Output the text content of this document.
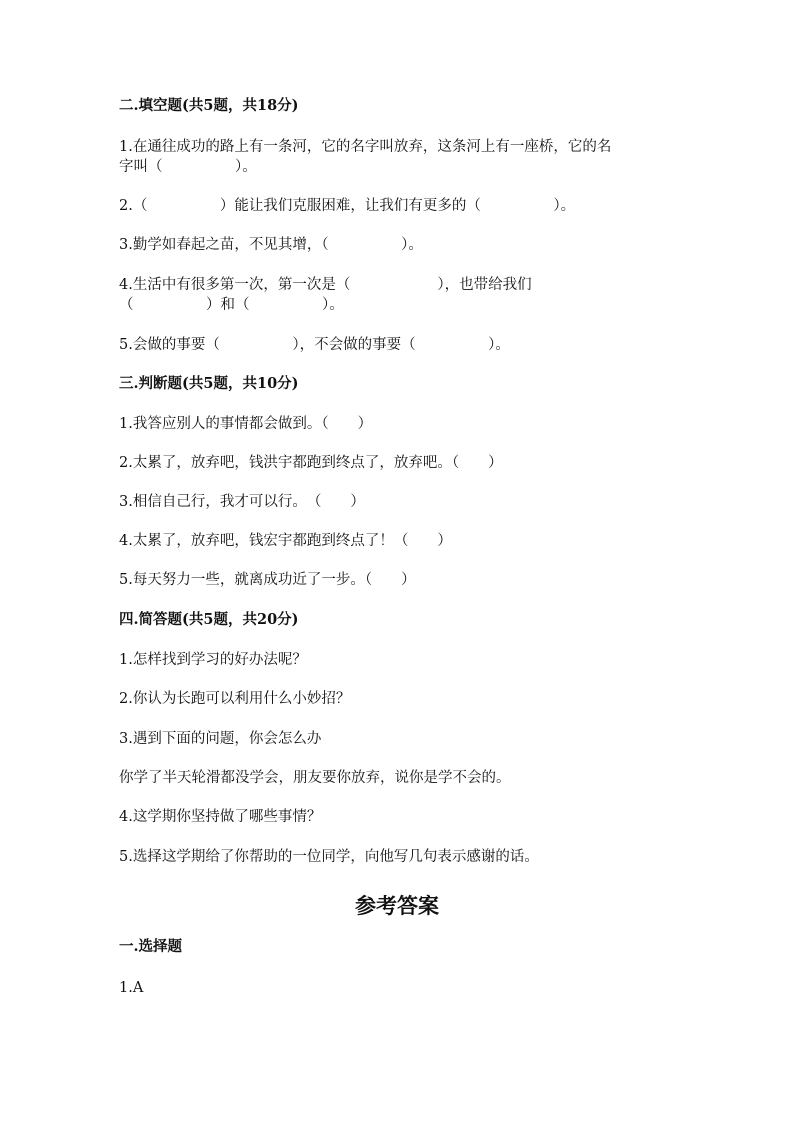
二.填空题(共5题，共18分)
1.在通往成功的路上有一条河，它的名字叫放弃，这条河上有一座桥，它的名
字叫（　　　　　）。
2.（　　　　　）能让我们克服困难，让我们有更多的（　　　　　）。
3.勤学如春起之苗，不见其增，（　　　　　）。
4.生活中有很多第一次，第一次是（　　　　　　），也带给我们
（　　　　　）和（　　　　　）。
5.会做的事要（　　　　　），不会做的事要（　　　　　）。
三.判断题(共5题，共10分)
1.我答应别人的事情都会做到。（　　）
2.太累了，放弃吧，钱洪宇都跑到终点了，放弃吧。（　　）
3.相信自己行，我才可以行。　（　　）
4.太累了，放弃吧，钱宏宇都跑到终点了！（　　）
5.每天努力一些，就离成功近了一步。（　　）
四.简答题(共5题，共20分)
1.怎样找到学习的好办法呢？
2.你认为长跑可以利用什么小妙招？
3.遇到下面的问题，你会怎么办
你学了半天轮滑都没学会，朋友要你放弃，说你是学不会的。
4.这学期你坚持做了哪些事情？
5.选择这学期给了你帮助的一位同学，向他写几句表示感谢的话。
参考答案
一.选择题
1.A
